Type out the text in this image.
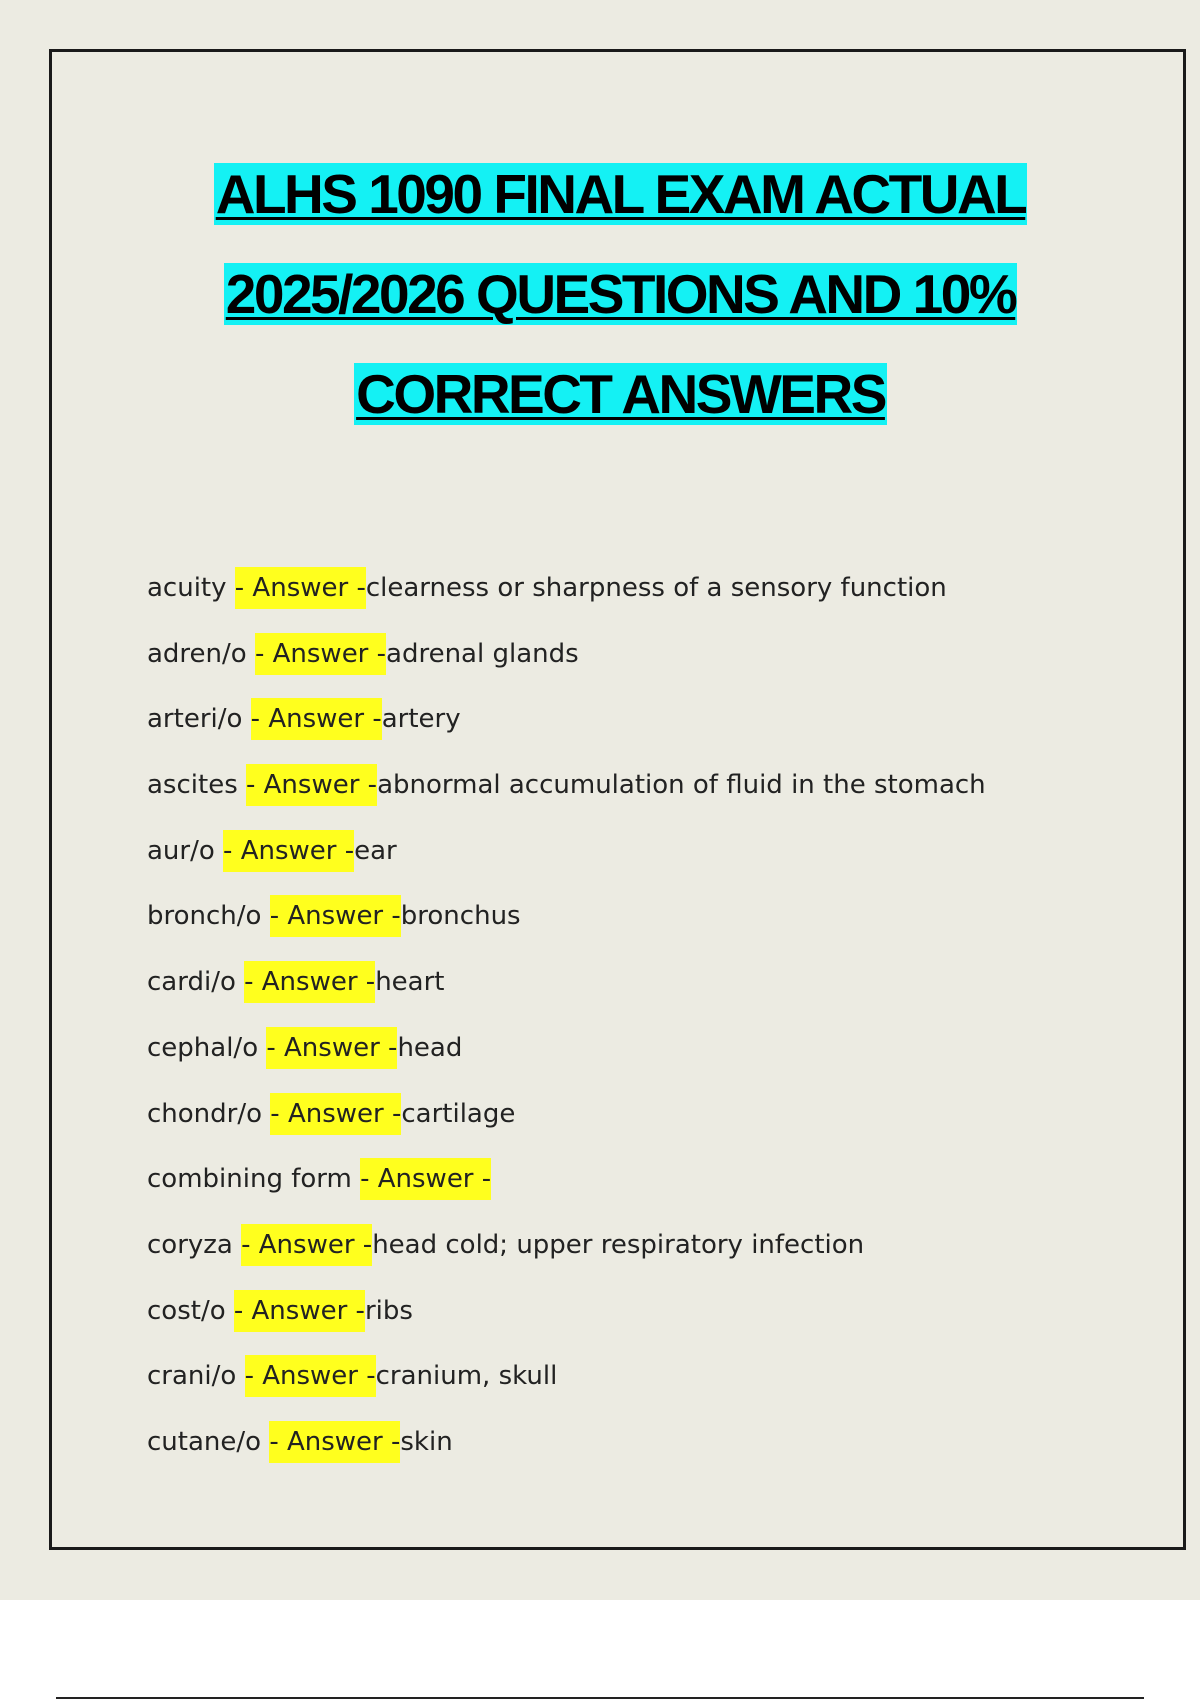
ALHS 1090 FINAL EXAM ACTUAL
2025/2026 QUESTIONS AND 10%
CORRECT ANSWERS
acuity - Answer -clearness or sharpness of a sensory function
adren/o - Answer -adrenal glands
arteri/o - Answer -artery
ascites - Answer -abnormal accumulation of fluid in the stomach
aur/o - Answer -ear
bronch/o - Answer -bronchus
cardi/o - Answer -heart
cephal/o - Answer -head
chondr/o - Answer -cartilage
combining form - Answer -
coryza - Answer -head cold; upper respiratory infection
cost/o - Answer -ribs
crani/o - Answer -cranium, skull
cutane/o - Answer -skin
